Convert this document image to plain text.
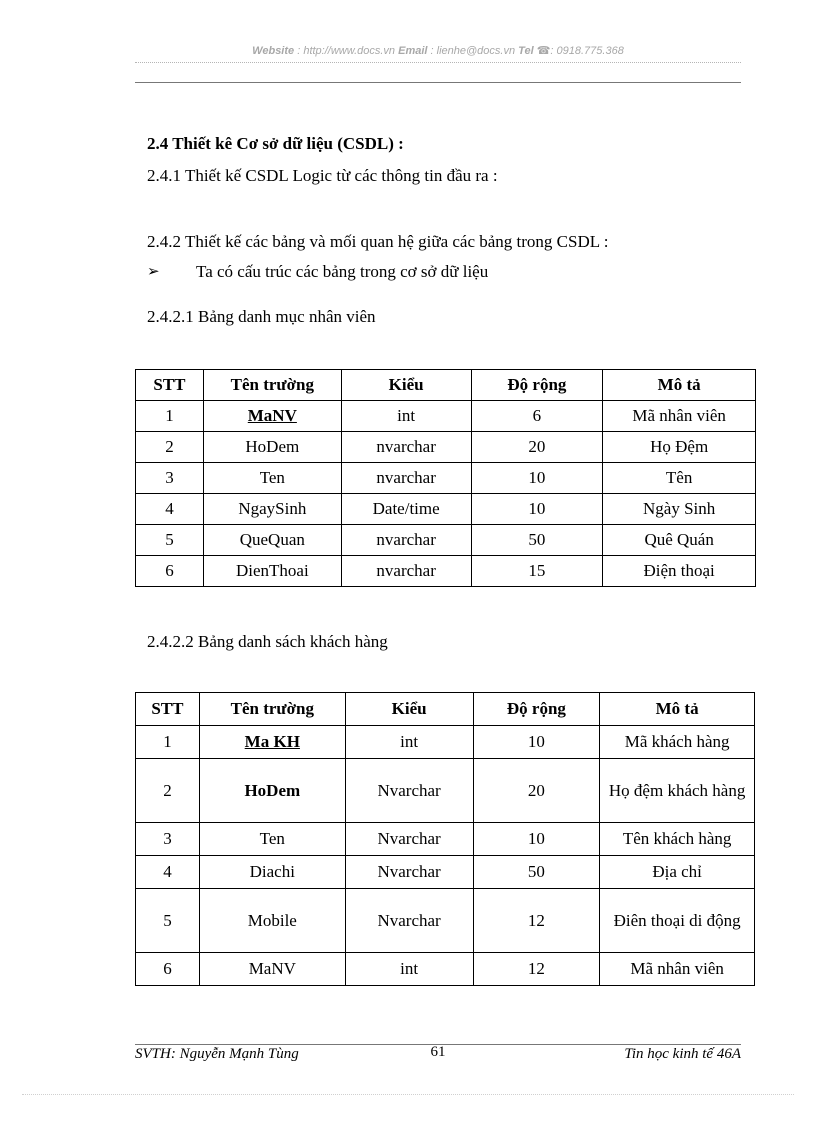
Website : http://www.docs.vn Email : lienhe@docs.vn Tel ☎: 0918.775.368
2.4 Thiết kê Cơ sở dữ liệu (CSDL) :
2.4.1 Thiết kế CSDL Logic từ các thông tin đầu ra :
2.4.2 Thiết kế các bảng và mối quan hệ giữa các bảng trong CSDL :
➢ Ta có cấu trúc các bảng trong cơ sở dữ liệu
2.4.2.1 Bảng danh mục nhân viên
STT	Tên trường	Kiểu	Độ rộng	Mô tả
1	MaNV	int	6	Mã nhân viên
2	HoDem	nvarchar	20	Họ Đệm
3	Ten	nvarchar	10	Tên
4	NgaySinh	Date/time	10	Ngày Sinh
5	QueQuan	nvarchar	50	Quê Quán
6	DienThoai	nvarchar	15	Điện thoại
2.4.2.2 Bảng danh sách khách hàng
STT	Tên trường	Kiểu	Độ rộng	Mô tả
1	Ma KH	int	10	Mã khách hàng
2	HoDem	Nvarchar	20	Họ đệm khách hàng
3	Ten	Nvarchar	10	Tên khách hàng
4	Diachi	Nvarchar	50	Địa chỉ
5	Mobile	Nvarchar	12	Điên thoại di động
6	MaNV	int	12	Mã nhân viên
SVTH: Nguyễn Mạnh Tùng	61	Tin học kinh tế 46A
